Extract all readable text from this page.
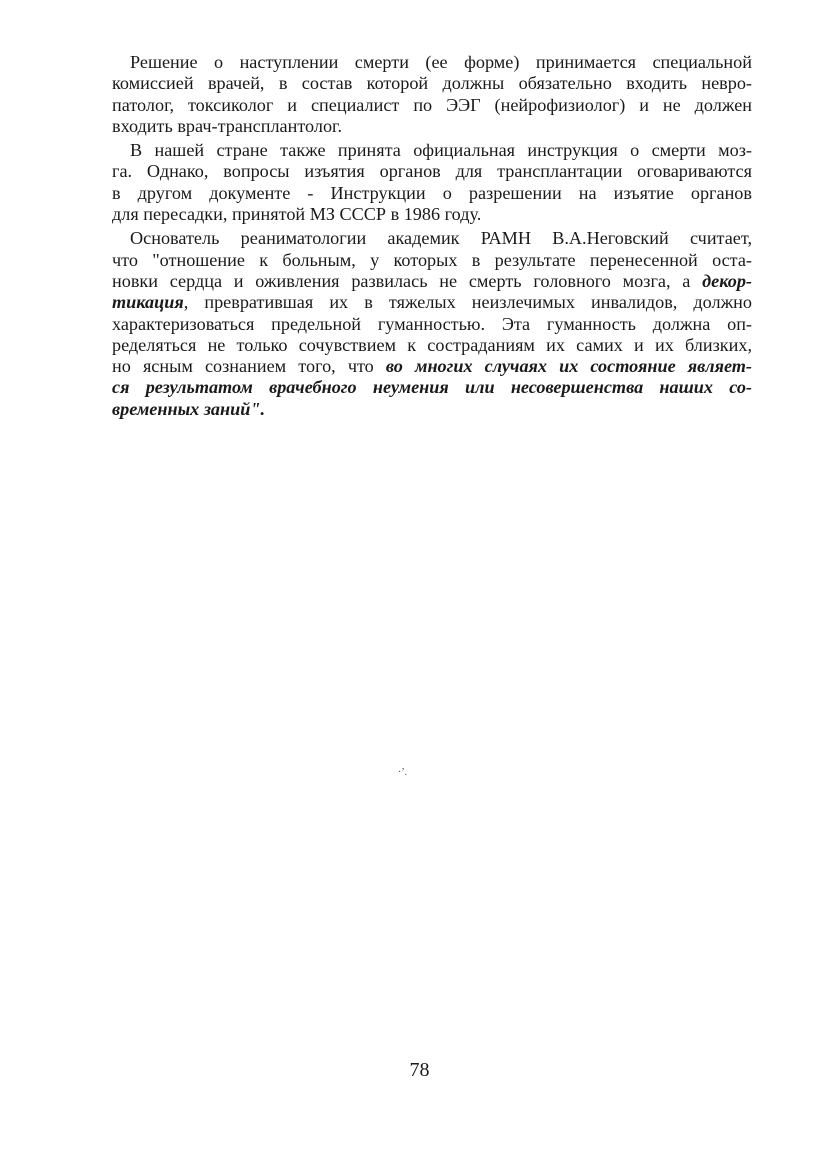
Решение о наступлении смерти (ее форме) принимается специальной
комиссией врачей, в состав которой должны обязательно входить невро-
патолог, токсиколог и специалист по ЭЭГ (нейрофизиолог) и не должен
входить врач-трансплантолог.
В нашей стране также принята официальная инструкция о смерти моз-
га. Однако, вопросы изъятия органов для трансплантации оговариваются
в другом документе - Инструкции о разрешении на изъятие органов
для пересадки, принятой МЗ СССР в 1986 году.
Основатель реаниматологии академик РАМН В.А.Неговский считает,
что "отношение к больным, у которых в результате перенесенной оста-
новки сердца и оживления развилась не смерть головного мозга, а декор-
тикация, превратившая их в тяжелых неизлечимых инвалидов, должно
характеризоваться предельной гуманностью. Эта гуманность должна оп-
ределяться не только сочувствием к состраданиям их самих и их близких,
но ясным сознанием того, что во многих случаях их состояние являет-
ся результатом врачебного неумения или несовершенства наших со-
временных заний".
·ʼ.
78
